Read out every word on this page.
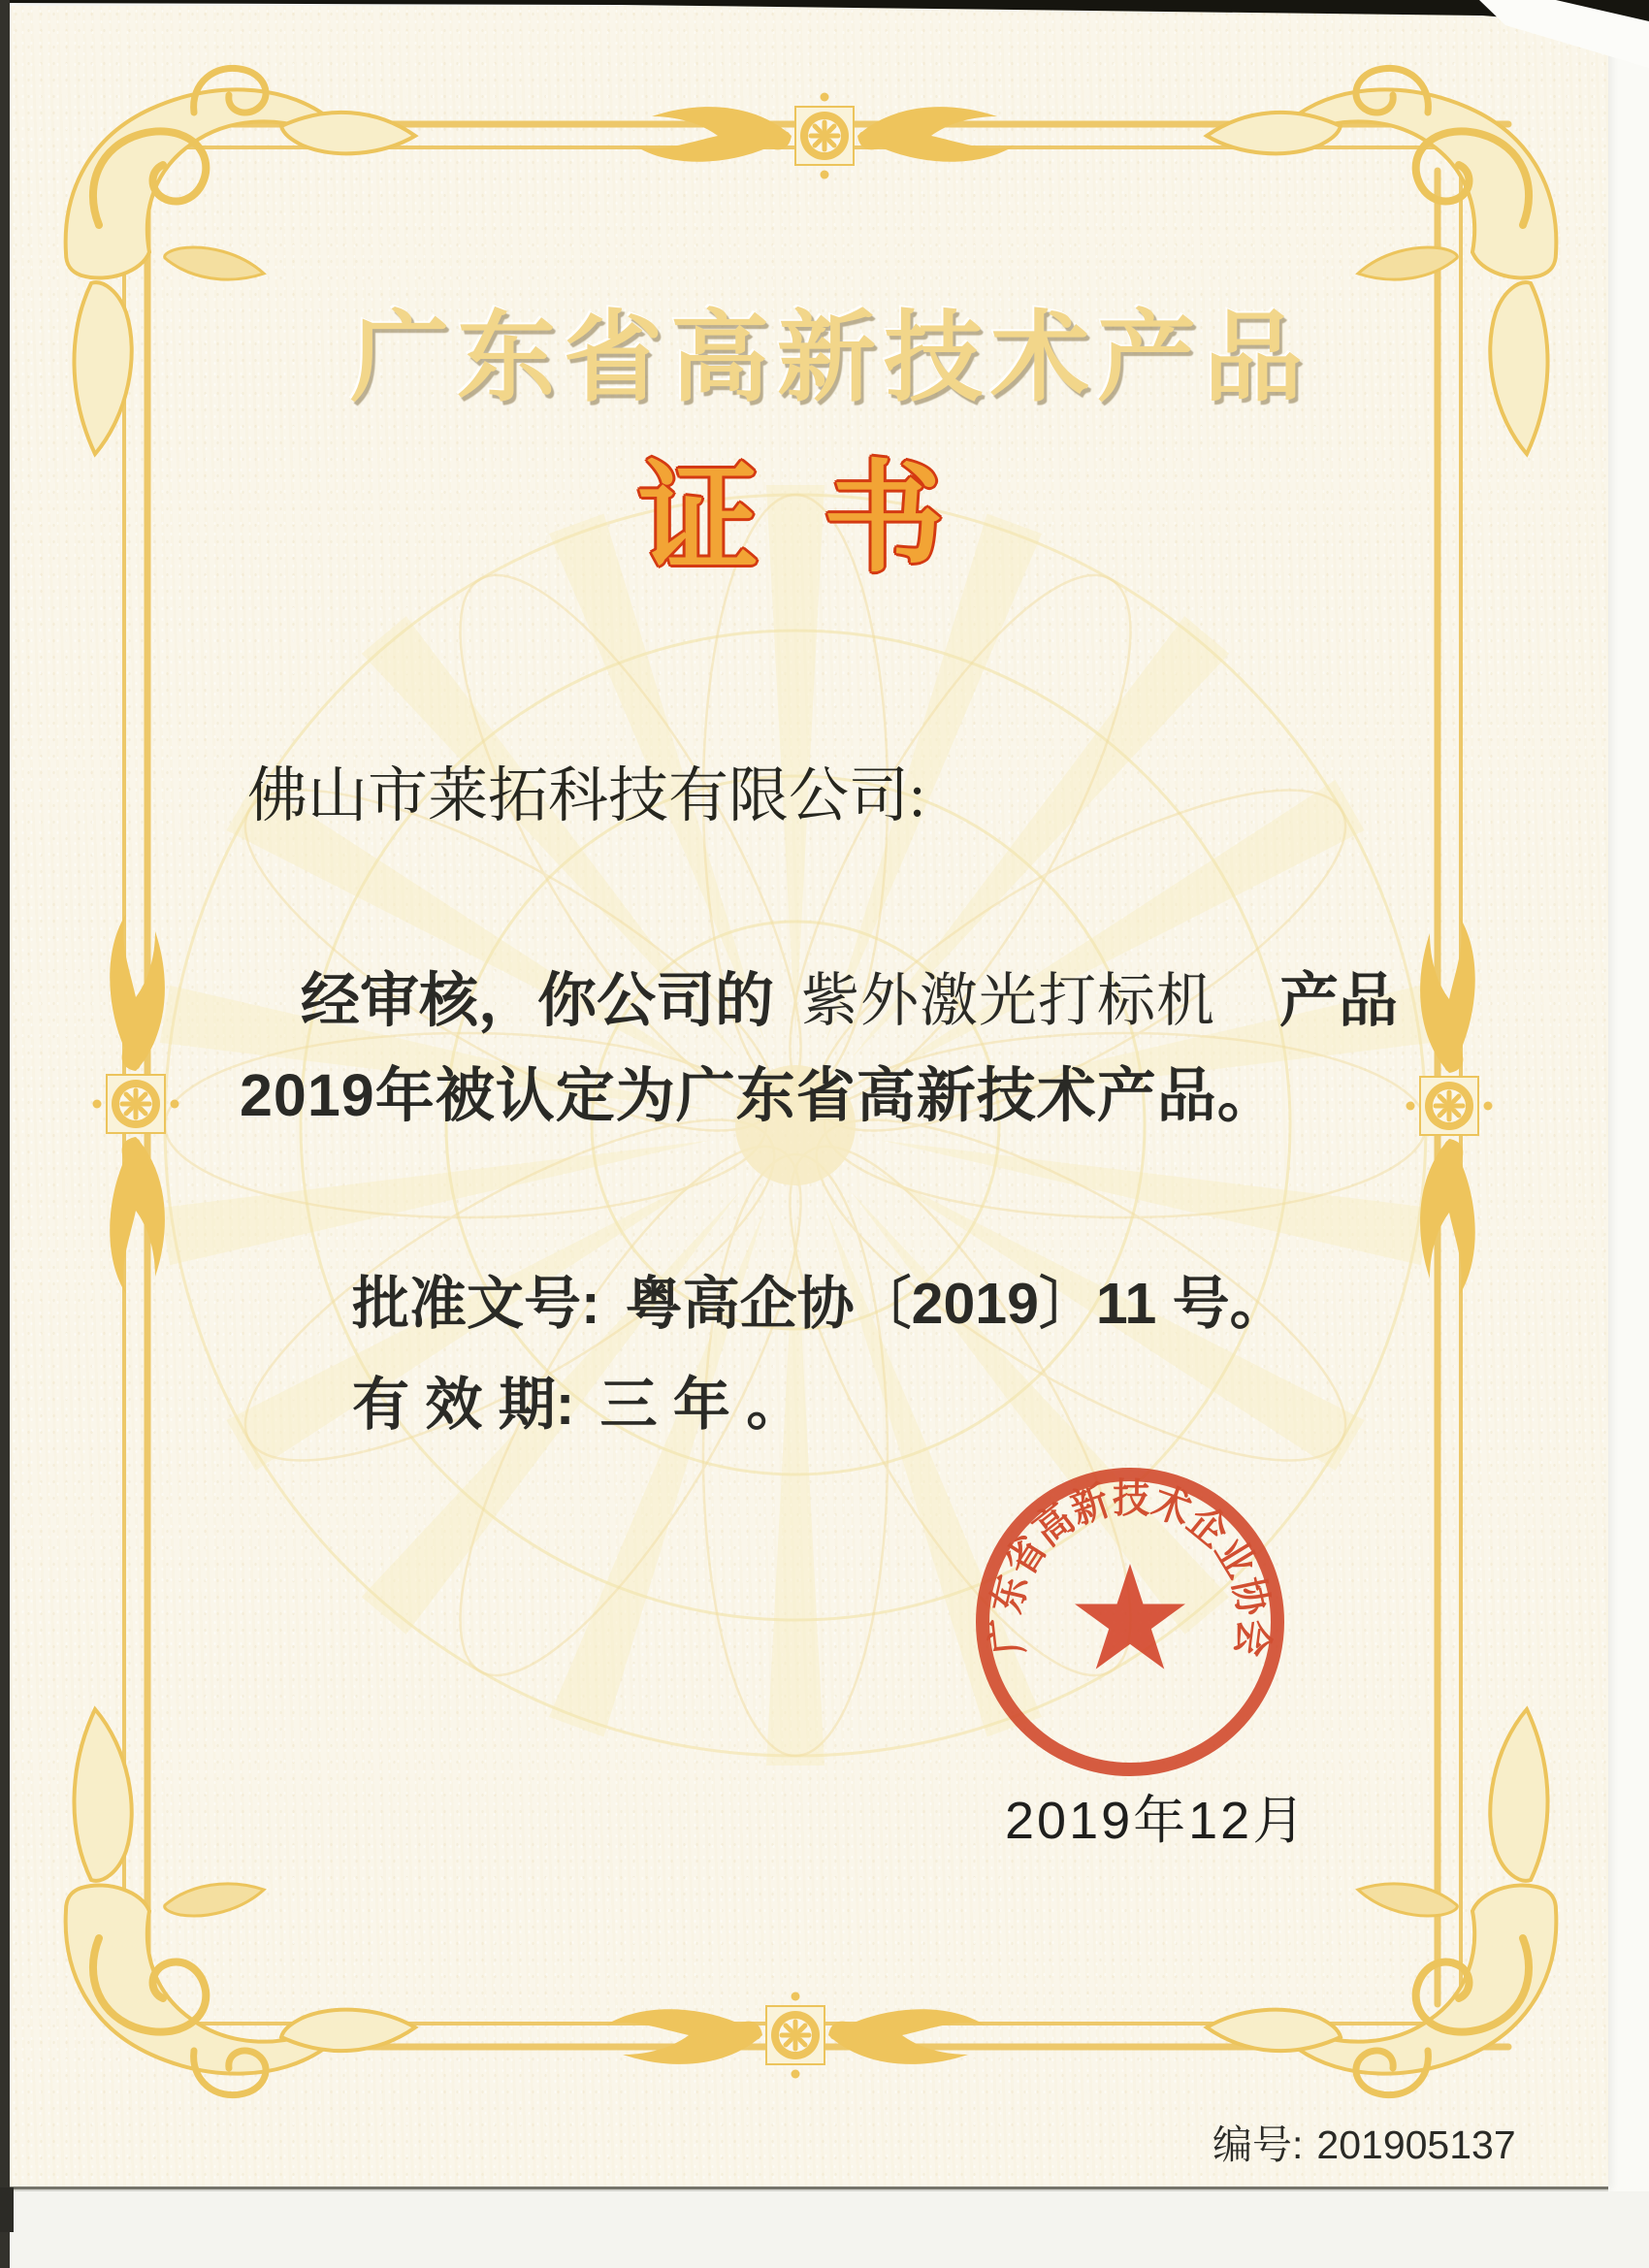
广东省高新技术产品
证 书
佛山市莱拓科技有限公司:
经审核，你公司的 紫外激光打标机 产品
2019年被认定为广东省高新技术产品。
批准文号: 粤高企协〔2019〕11 号。
有 效 期: 三 年 。
广东省高新技术企业协会
2019年12月
编号: 201905137
